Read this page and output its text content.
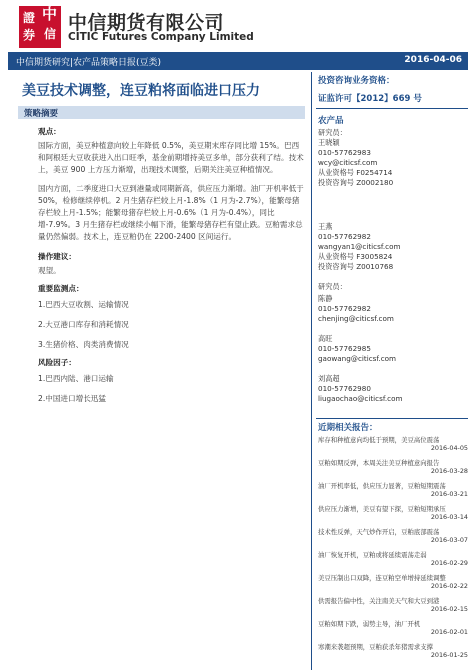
證 中
券 信 中信期货有限公司
CITIC Futures Company Limited
中信期货研究|农产品策略日报(豆类)	2016-04-06
美豆技术调整，连豆粕将面临进口压力
策略摘要

观点：

国际方面，美豆种植意向较上年降低 0.5%，美豆期末库存同比增 15%。巴西和阿根廷大豆收获进入出口旺季，基金前期增持美豆多单，部分获利了结。技术上，美豆 900 上方压力渐增，出现技术调整，后期关注美豆种植情况。

国内方面，二季度进口大豆到港量或同期新高，供应压力渐增。油厂开机率低于 50%，检修继续停机。2 月生猪存栏较上月-1.8%（1 月为-2.7%），能繁母猪存栏较上月-1.5%；能繁母猪存栏较上月-0.6%（1 月为-0.4%），同比增-7.9%。3 月生猪存栏或继续小幅下滑，能繁母猪存栏有望止跌。豆粕需求总量仍然偏弱。技术上，连豆粕仍在 2200-2400 区间运行。

操作建议：

观望。

重要监测点：

1.巴西大豆收割、运输情况

2.大豆港口库存和消耗情况

3.生猪价格、肉类消费情况

风险因子：

1.巴西内陆、港口运输

2.中国进口增长迅猛

投资咨询业务资格：
证监许可【2012】669 号
农产品
研究员：
王晓颖
010-57762983
wcy@citicsf.com
从业资格号 F0254714
投资咨询号 Z0002180
王燕
010-57762982
wangyan1@citicsf.com
从业资格号 F3005824
投资咨询号 Z0010768
研究员：
陈静
010-57762982
chenjing@citicsf.com
高旺
010-57762985
gaowang@citicsf.com
刘高超
010-57762980
liugaochao@citicsf.com
近期相关报告：
库存和种植意向均低于预期，美豆高位震荡
2016-04-05
豆粕如期反弹，本周关注美豆种植意向报告
2016-03-28
油厂开机率低，供应压力显著，豆粕短期震荡
2016-03-21
供应压力渐增，美豆有望下探，豆粕短期承压
2016-03-14
技术性反弹，天气炒作开启，豆粕底部震荡
2016-03-07
油厂恢复开机，豆粕或将延续震荡走弱
2016-02-29
美豆压制出口双降，连豆粕空单增持延续调整
2016-02-22
供需报告偏中性，关注南美天气和大豆到港
2016-02-15
豆粕如期下跌，弱势主导，油厂开机
2016-02-01
寒潮来袭超预期，豆粕获杀年猪需求支撑
2016-01-25
